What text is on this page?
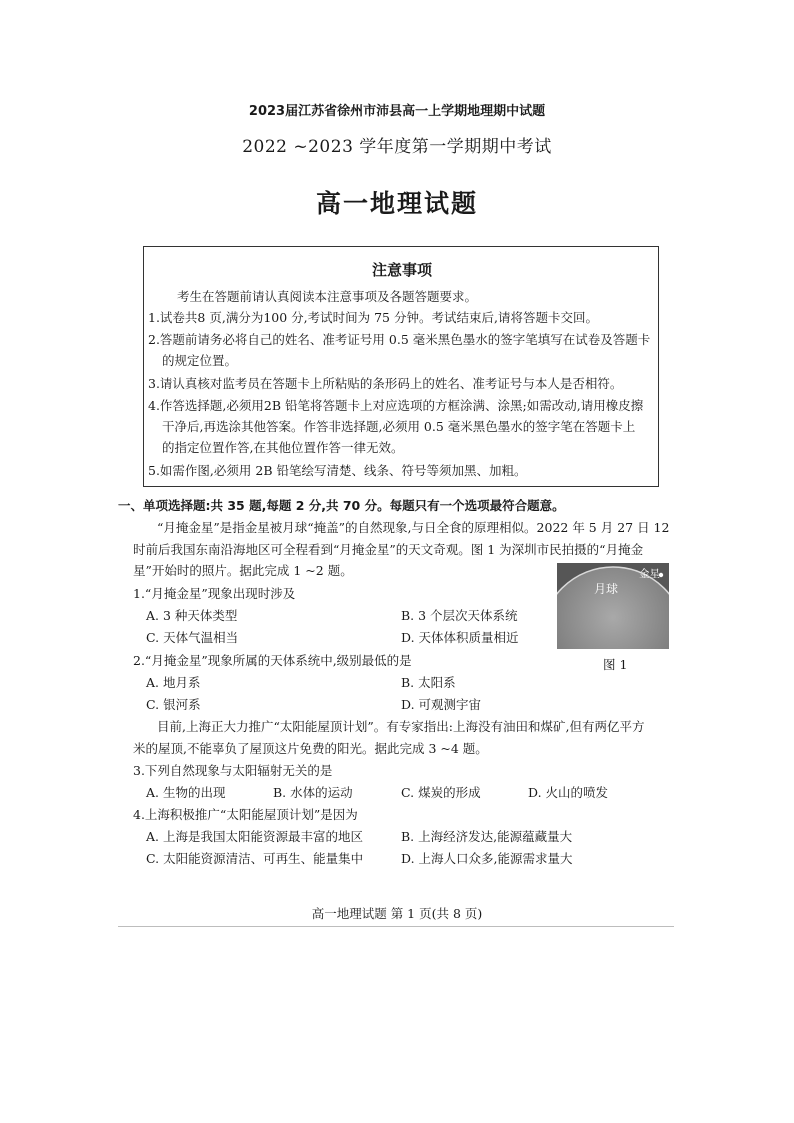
2023届江苏省徐州市沛县高一上学期地理期中试题
2022 ~2023 学年度第一学期期中考试
高一地理试题
注意事项
考生在答题前请认真阅读本注意事项及各题答题要求。
1.试卷共8 页,满分为100 分,考试时间为 75 分钟。考试结束后,请将答题卡交回。
2.答题前请务必将自己的姓名、准考证号用 0.5 毫米黑色墨水的签字笔填写在试卷及答题卡
的规定位置。
3.请认真核对监考员在答题卡上所粘贴的条形码上的姓名、准考证号与本人是否相符。
4.作答选择题,必须用2B 铅笔将答题卡上对应选项的方框涂满、涂黑;如需改动,请用橡皮擦
干净后,再选涂其他答案。作答非选择题,必须用 0.5 毫米黑色墨水的签字笔在答题卡上
的指定位置作答,在其他位置作答一律无效。
5.如需作图,必须用 2B 铅笔绘写清楚、线条、符号等须加黑、加粗。
一、单项选择题:共 35 题,每题 2 分,共 70 分。每题只有一个选项最符合题意。
“月掩金星”是指金星被月球“掩盖”的自然现象,与日全食的原理相似。2022 年 5 月 27 日 12
时前后我国东南沿海地区可全程看到“月掩金星”的天文奇观。图 1 为深圳市民拍摄的“月掩金
星”开始时的照片。据此完成 1 ~2 题。
月球
金星
图 1
1.“月掩金星”现象出现时涉及
A. 3 种天体类型	B. 3 个层次天体系统
C. 天体气温相当	D. 天体体积质量相近
2.“月掩金星”现象所属的天体系统中,级别最低的是
A. 地月系	B. 太阳系
C. 银河系	D. 可观测宇宙
目前,上海正大力推广“太阳能屋顶计划”。有专家指出:上海没有油田和煤矿,但有两亿平方
米的屋顶,不能辜负了屋顶这片免费的阳光。据此完成 3 ~4 题。
3.下列自然现象与太阳辐射无关的是
A. 生物的出现	B. 水体的运动	C. 煤炭的形成	D. 火山的喷发
4.上海积极推广“太阳能屋顶计划”是因为
A. 上海是我国太阳能资源最丰富的地区	B. 上海经济发达,能源蕴藏量大
C. 太阳能资源清洁、可再生、能量集中	D. 上海人口众多,能源需求量大
高一地理试题 第 1 页(共 8 页)
